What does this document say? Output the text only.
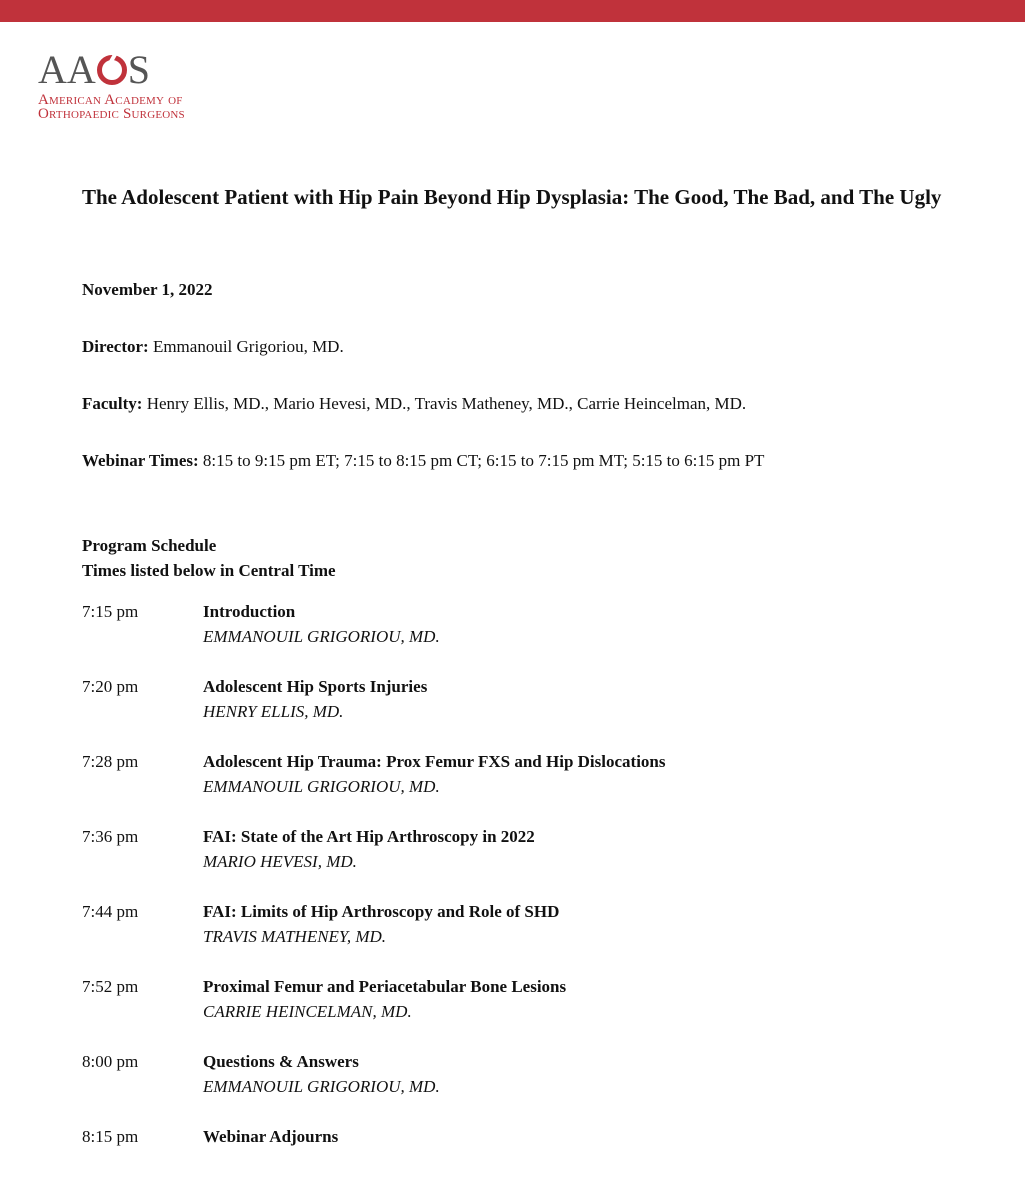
AA S
American Academy of
Orthopaedic Surgeons
The Adolescent Patient with Hip Pain Beyond Hip Dysplasia: The Good, The Bad, and The Ugly
November 1, 2022
Director: Emmanouil Grigoriou, MD.
Faculty: Henry Ellis, MD., Mario Hevesi, MD., Travis Matheney, MD., Carrie Heincelman, MD.
Webinar Times: 8:15 to 9:15 pm ET; 7:15 to 8:15 pm CT; 6:15 to 7:15 pm MT; 5:15 to 6:15 pm PT
Program Schedule
Times listed below in Central Time
7:15 pm	Introduction
EMMANOUIL GRIGORIOU, MD.
7:20 pm	Adolescent Hip Sports Injuries
HENRY ELLIS, MD.
7:28 pm	Adolescent Hip Trauma: Prox Femur FXS and Hip Dislocations
EMMANOUIL GRIGORIOU, MD.
7:36 pm	FAI: State of the Art Hip Arthroscopy in 2022
MARIO HEVESI, MD.
7:44 pm	FAI: Limits of Hip Arthroscopy and Role of SHD
TRAVIS MATHENEY, MD.
7:52 pm	Proximal Femur and Periacetabular Bone Lesions
CARRIE HEINCELMAN, MD.
8:00 pm	Questions & Answers
EMMANOUIL GRIGORIOU, MD.
8:15 pm	Webinar Adjourns
